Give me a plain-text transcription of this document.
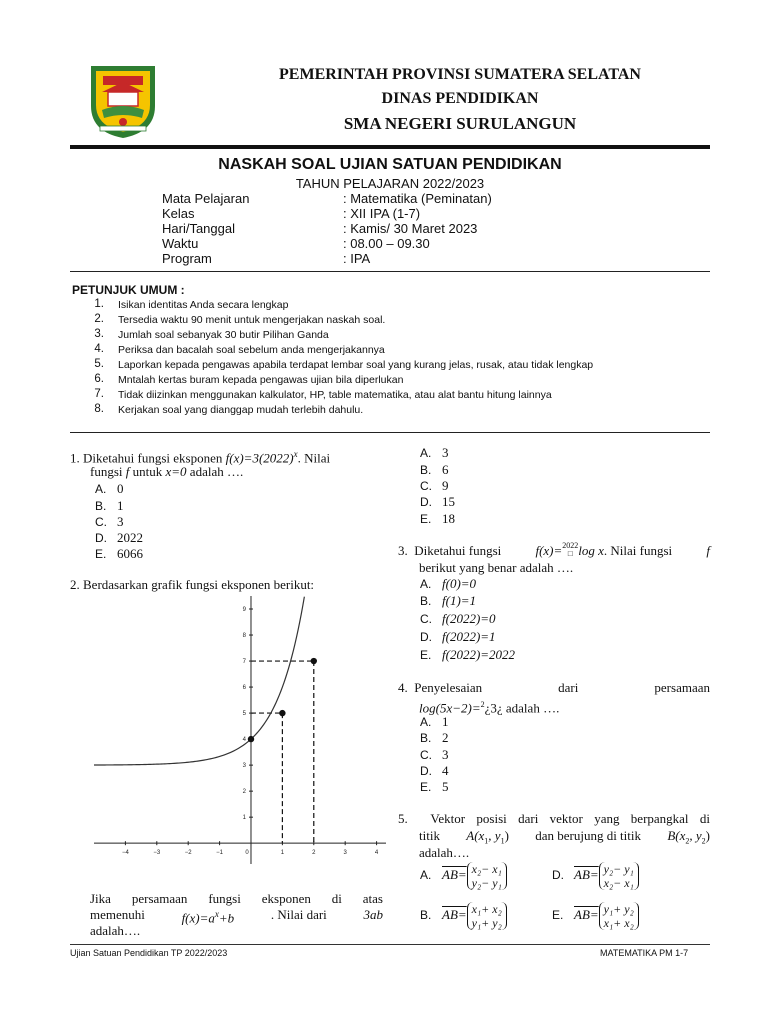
PEMERINTAH PROVINSI SUMATERA SELATAN
DINAS PENDIDIKAN
SMA NEGERI SURULANGUN
NASKAH SOAL UJIAN SATUAN PENDIDIKAN
TAHUN PELAJARAN 2022/2023
Mata Pelajaran	: Matematika (Peminatan)
Kelas	: XII IPA (1-7)
Hari/Tanggal	: Kamis/ 30 Maret 2023
Waktu	: 08.00 – 09.30
Program	: IPA
PETUNJUK UMUM :
1. Isikan identitas Anda secara lengkap
2. Tersedia waktu 90 menit untuk mengerjakan naskah soal.
3. Jumlah soal sebanyak 30 butir Pilihan Ganda
4. Periksa dan bacalah soal sebelum anda mengerjakannya
5. Laporkan kepada pengawas apabila terdapat lembar soal yang kurang jelas, rusak, atau tidak lengkap
6. Mntalah kertas buram kepada pengawas ujian bila diperlukan
7. Tidak diizinkan menggunakan kalkulator, HP, table matematika, atau alat bantu hitung lainnya
8. Kerjakan soal yang dianggap mudah terlebih dahulu.
1. Diketahui fungsi eksponen $f(x)=3(2022)^x$. Nilai
fungsi f untuk x=0 adalah ….
A. 0
B. 1
C. 3
D. 2022
E. 6066
2. Berdasarkan grafik fungsi eksponen berikut:
−4	−3	−2	−1	0	1	2	3	4
1
2
3
4
5
6
7
8
9
Jika persamaan fungsi eksponen di atas
memenuhi	$f(x)=a^x+b$	. Nilai dari	3ab
adalah….
A. 3
B. 6
C. 9
D. 15
E. 18
3. Diketahui fungsi	f(x)= 2022
□ log x. Nilai fungsi	f
berikut yang benar adalah ….
A. f(0)=0
B. f(1)=1
C. f(2022)=0
D. f(2022)=1
E. f(2022)=2022
4. Penyelesaian	dari	persamaan
log(5x−2)=$^2$¿3¿ adalah ….
A. 1
B. 2
C. 3
D. 4
E. 5
5. Vektor posisi dari vektor yang berpangkal di
titik $A(x_1$, $y_1$) dan berujung di titik $B(x_2$, $y_2$)
adalah….
A. AB= x₂− x₁
y₂− y₁
B. AB= x₁+ x₂
y₁+ y₂
D. AB= y₂− y₁
x₂− x₁
E. AB= y₁+ y₂
x₁+ x₂
Ujian Satuan Pendidikan TP 2022/2023	MATEMATIKA PM 1-7
